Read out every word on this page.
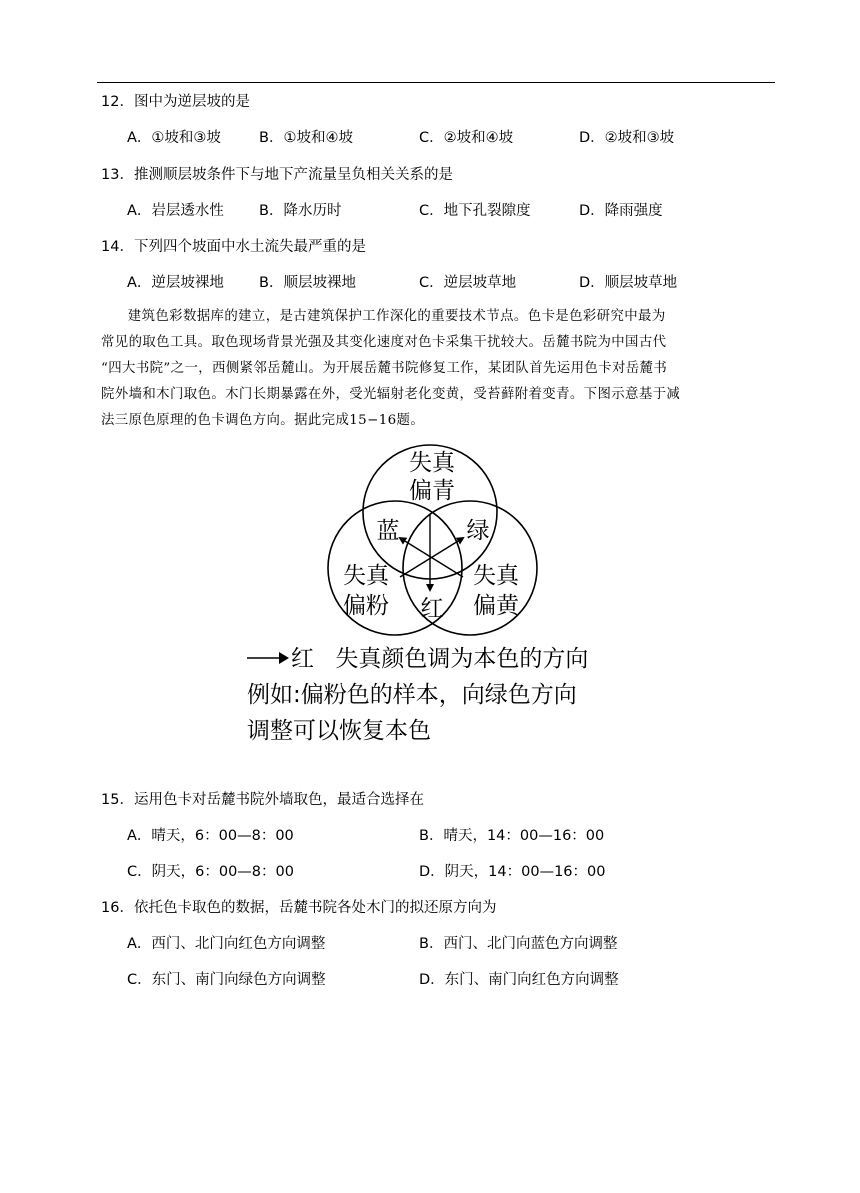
12．图中为逆层坡的是
A．①坡和③坡	B．①坡和④坡	C．②坡和④坡	D．②坡和③坡
13．推测顺层坡条件下与地下产流量呈负相关关系的是
A．岩层透水性 B．降水历时	C．地下孔裂隙度	D．降雨强度
14．下列四个坡面中水土流失最严重的是
A．逆层坡裸地 B．顺层坡裸地	C．逆层坡草地	D．顺层坡草地
建筑色彩数据库的建立，是古建筑保护工作深化的重要技术节点。色卡是色彩研究中最为
常见的取色工具。取色现场背景光强及其变化速度对色卡采集干扰较大。岳麓书院为中国古代
“四大书院”之一，西侧紧邻岳麓山。为开展岳麓书院修复工作，某团队首先运用色卡对岳麓书
院外墙和木门取色。木门长期暴露在外，受光辐射老化变黄，受苔藓附着变青。下图示意基于减
法三原色原理的色卡调色方向。据此完成15−16题。
失真
偏青
失真
偏粉
失真
偏黄
蓝	绿
红
红 失真颜色调为本色的方向
例如:偏粉色的样本，向绿色方向
调整可以恢复本色
15．运用色卡对岳麓书院外墙取色，最适合选择在
A．晴天，6：00—8：00	B．晴天，14：00—16：00
C．阴天，6：00—8：00	D．阴天，14：00—16：00
16．依托色卡取色的数据，岳麓书院各处木门的拟还原方向为
A．西门、北门向红色方向调整	B．西门、北门向蓝色方向调整
C．东门、南门向绿色方向调整	D．东门、南门向红色方向调整
